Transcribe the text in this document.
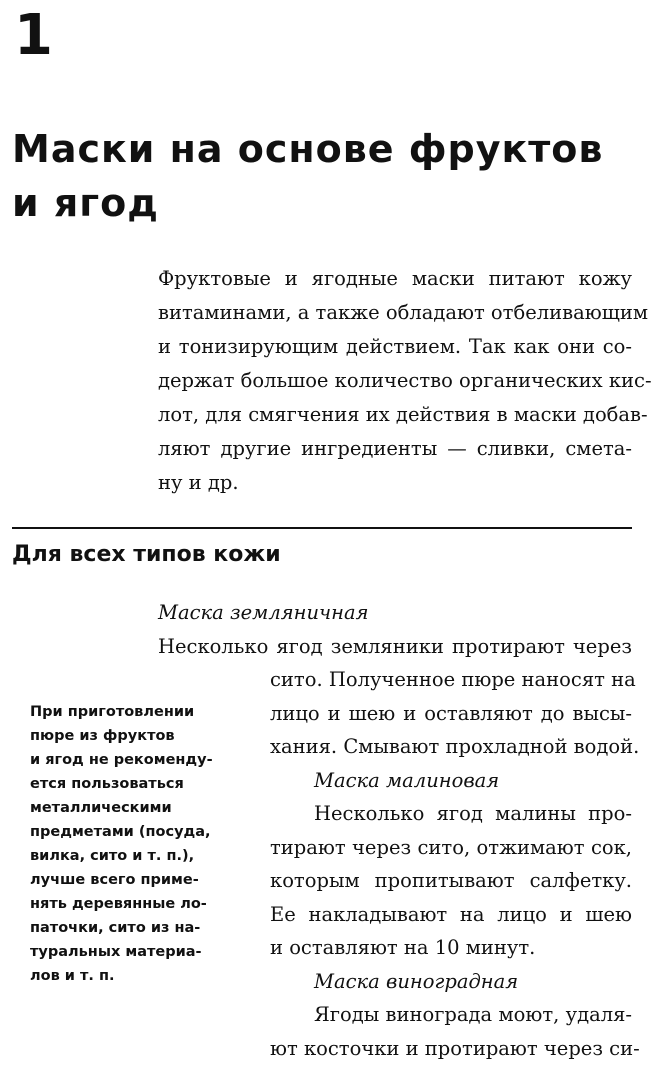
1
Маски на основе фруктов
и ягод
Фруктовые и ягодные маски питают кожу
витаминами, а также обладают отбеливающим
и тонизирующим действием. Так как они со-
держат большое количество органических кис-
лот, для смягчения их действия в маски добав-
ляют другие ингредиенты — сливки, смета-
ну и др.
Для всех типов кожи
При приготовлении
пюре из фруктов
и ягод не рекоменду-
ется пользоваться
металлическими
предметами (посуда,
вилка, сито и т. п.),
лучше всего приме-
нять деревянные ло-
паточки, сито из на-
туральных материа-
лов и т. п.
Маска земляничная
Несколько ягод земляники протирают через
сито. Полученное пюре наносят на
лицо и шею и оставляют до высы-
хания. Смывают прохладной водой.
Маска малиновая
Несколько ягод малины про-
тирают через сито, отжимают сок,
которым пропитывают салфетку.
Ее накладывают на лицо и шею
и оставляют на 10 минут.
Маска виноградная
Ягоды винограда моют, удаля-
ют косточки и протирают через си-
